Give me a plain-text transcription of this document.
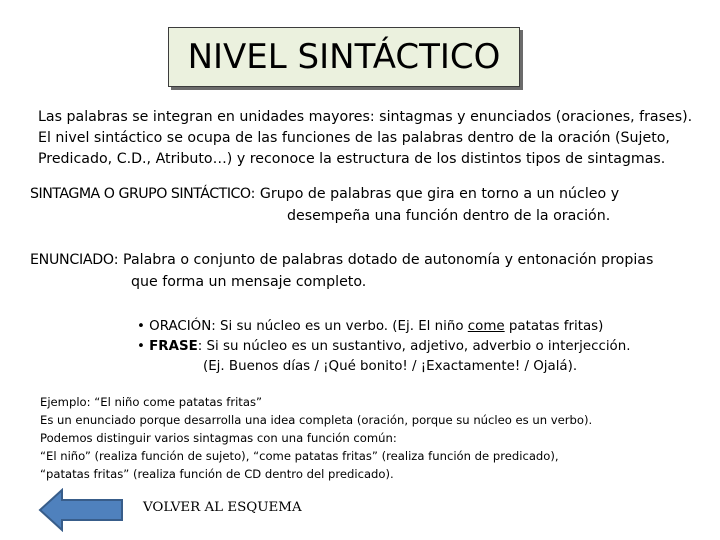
NIVEL SINTÁCTICO
Las palabras se integran en unidades mayores: sintagmas y enunciados (oraciones, frases).
El nivel sintáctico se ocupa de las funciones de las palabras dentro de la oración (Sujeto,
Predicado, C.D., Atributo…) y reconoce la estructura de los distintos tipos de sintagmas.
SINTAGMA O GRUPO SINTÁCTICO: Grupo de palabras que gira en torno a un núcleo y
desempeña una función dentro de la oración.
ENUNCIADO: Palabra o conjunto de palabras dotado de autonomía y entonación propias
que forma un mensaje completo.
• ORACIÓN: Si su núcleo es un verbo. (Ej. El niño come patatas fritas)
• FRASE: Si su núcleo es un sustantivo, adjetivo, adverbio o interjección.
(Ej. Buenos días / ¡Qué bonito! / ¡Exactamente! / Ojalá).
Ejemplo: “El niño come patatas fritas”
Es un enunciado porque desarrolla una idea completa (oración, porque su núcleo es un verbo).
Podemos distinguir varios sintagmas con una función común:
“El niño” (realiza función de sujeto), “come patatas fritas” (realiza función de predicado),
“patatas fritas” (realiza función de CD dentro del predicado).
VOLVER AL ESQUEMA
